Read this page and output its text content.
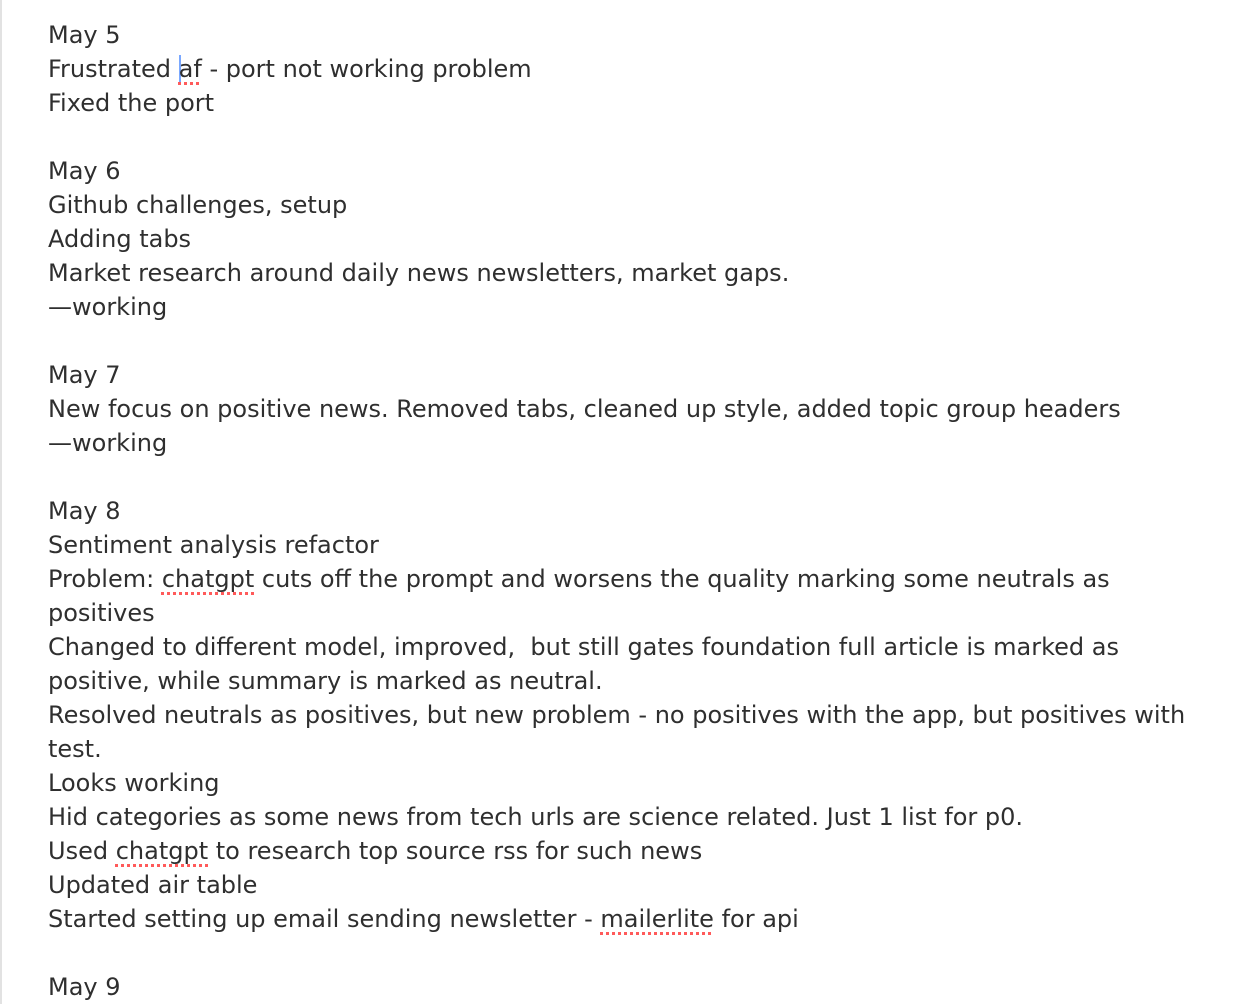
May 5
Frustrated af - port not working problem
Fixed the port
May 6
Github challenges, setup
Adding tabs
Market research around daily news newsletters, market gaps.
—working
May 7
New focus on positive news. Removed tabs, cleaned up style, added topic group headers
—working
May 8
Sentiment analysis refactor
Problem: chatgpt cuts off the prompt and worsens the quality marking some neutrals as
positives
Changed to different model, improved,  but still gates foundation full article is marked as
positive, while summary is marked as neutral.
Resolved neutrals as positives, but new problem - no positives with the app, but positives with
test.
Looks working
Hid categories as some news from tech urls are science related. Just 1 list for p0.
Used chatgpt to research top source rss for such news
Updated air table
Started setting up email sending newsletter - mailerlite for api
May 9
